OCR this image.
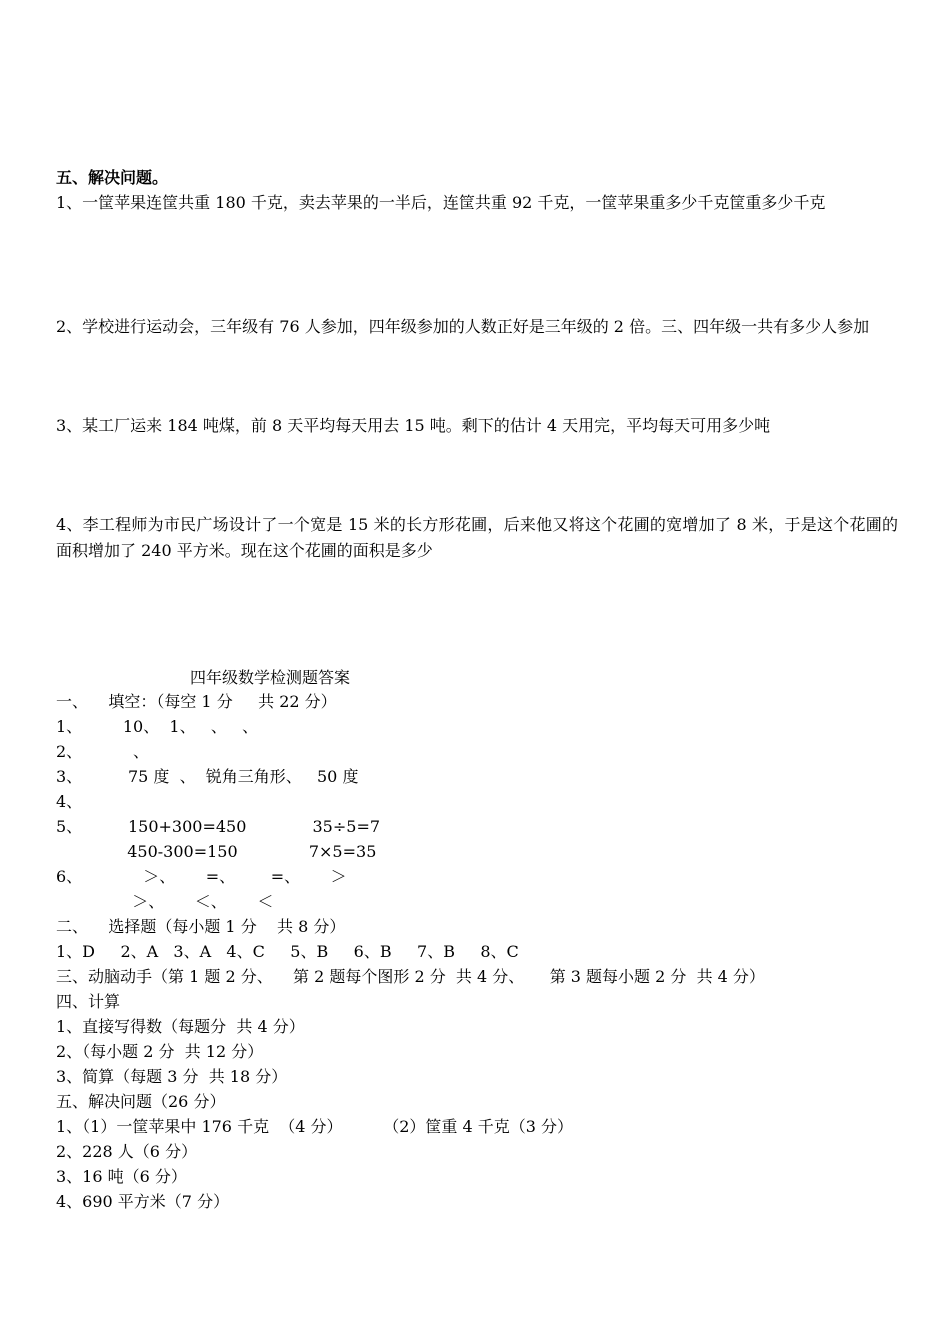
五、解决问题。
1、一筐苹果连筐共重 180 千克，卖去苹果的一半后，连筐共重 92 千克，一筐苹果重多少千克筐重多少千克
2、学校进行运动会，三年级有 76 人参加，四年级参加的人数正好是三年级的 2 倍。三、四年级一共有多少人参加
3、某工厂运来 184 吨煤，前 8 天平均每天用去 15 吨。剩下的估计 4 天用完，平均每天可用多少吨
4、李工程师为市民广场设计了一个宽是 15 米的长方形花圃，后来他又将这个花圃的宽增加了 8 米，于是这个花圃的面积增加了 240 平方米。现在这个花圃的面积是多少
四年级数学检测题答案
一、    填空：（每空 1 分     共 22 分）
1、        10、  1、   、   、
2、          、
3、         75 度  、  锐角三角形、   50 度
4、
5、         150+300=450             35÷5=7
450-300=150              7×5=35
6、            ＞、      =、       =、      ＞
＞、      ＜、      ＜
二、    选择题（每小题 1 分    共 8 分）
1、D     2、A   3、A   4、C     5、B     6、B     7、B     8、C
三、动脑动手（第 1 题 2 分、    第 2 题每个图形 2 分  共 4 分、     第 3 题每小题 2 分  共 4 分）
四、计算
1、直接写得数（每题分  共 4 分）
2、（每小题 2 分  共 12 分）
3、简算（每题 3 分  共 18 分）
五、解决问题（26 分）
1、（1）一筐苹果中 176 千克  （4 分）        （2）筐重 4 千克（3 分）
2、228 人（6 分）
3、16 吨（6 分）
4、690 平方米（7 分）
